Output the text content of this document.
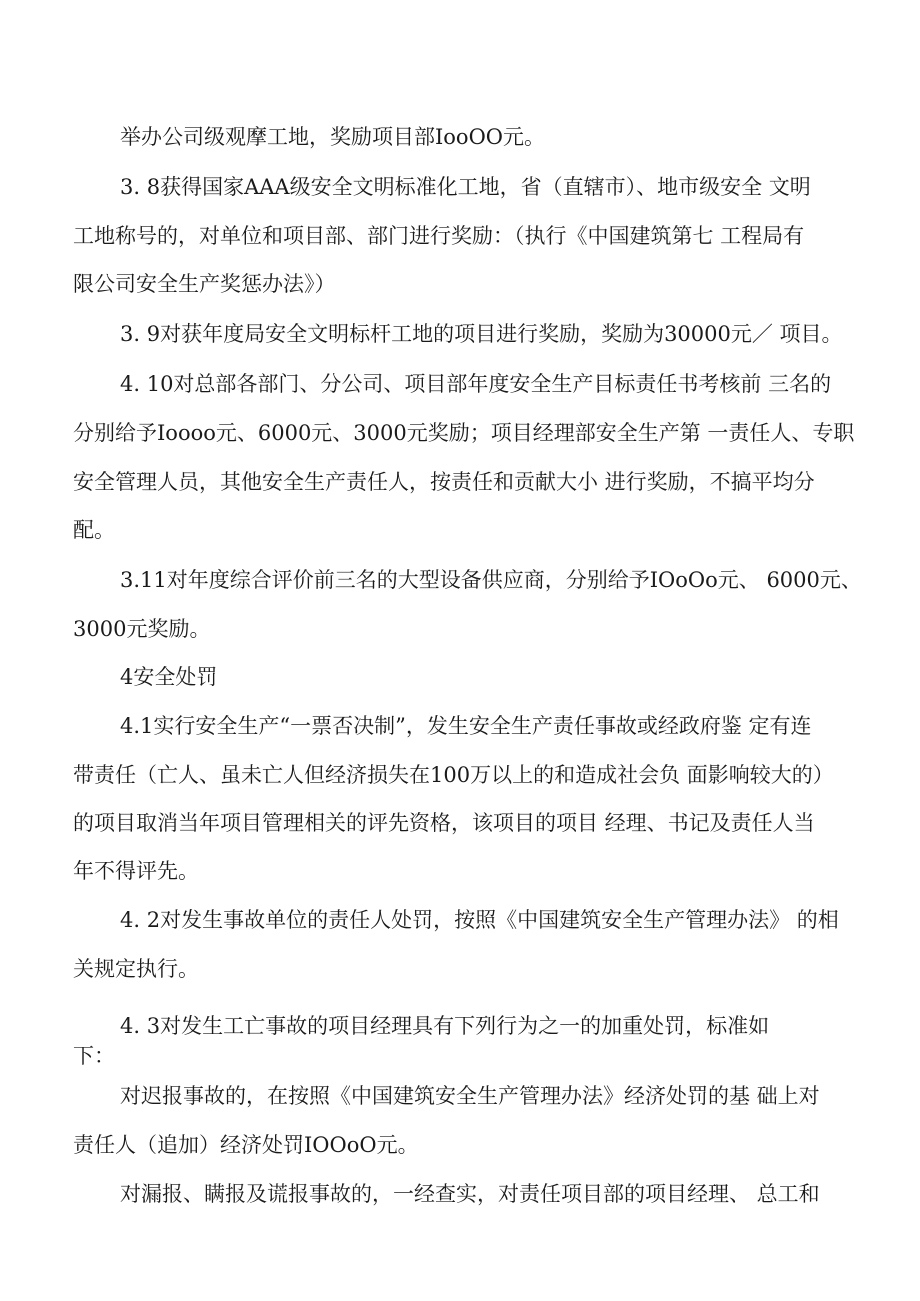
举办公司级观摩工地，奖励项目部IooOO元。
3. 8获得国家AAA级安全文明标准化工地，省（直辖市）、地市级安全 文明
工地称号的，对单位和项目部、部门进行奖励：（执行《中国建筑第七 工程局有
限公司安全生产奖惩办法》）
3. 9对获年度局安全文明标杆工地的项目进行奖励，奖励为30000元／ 项目。
4. 10对总部各部门、分公司、项目部年度安全生产目标责任书考核前 三名的
分别给予Ioooo元、6000元、3000元奖励；项目经理部安全生产第 一责任人、专职
安全管理人员，其他安全生产责任人，按责任和贡献大小 进行奖励，不搞平均分
配。
3.11对年度综合评价前三名的大型设备供应商，分别给予IOoOo元、 6000元、
3000元奖励。
4安全处罚
4.1实行安全生产“一票否决制”，发生安全生产责任事故或经政府鉴 定有连
带责任（亡人、虽未亡人但经济损失在100万以上的和造成社会负 面影响较大的）
的项目取消当年项目管理相关的评先资格，该项目的项目 经理、书记及责任人当
年不得评先。
4. 2对发生事故单位的责任人处罚，按照《中国建筑安全生产管理办法》 的相
关规定执行。
4. 3对发生工亡事故的项目经理具有下列行为之一的加重处罚，标准如
下：
对迟报事故的，在按照《中国建筑安全生产管理办法》经济处罚的基 础上对
责任人（追加）经济处罚IOOoO元。
对漏报、瞒报及谎报事故的，一经查实，对责任项目部的项目经理、 总工和
